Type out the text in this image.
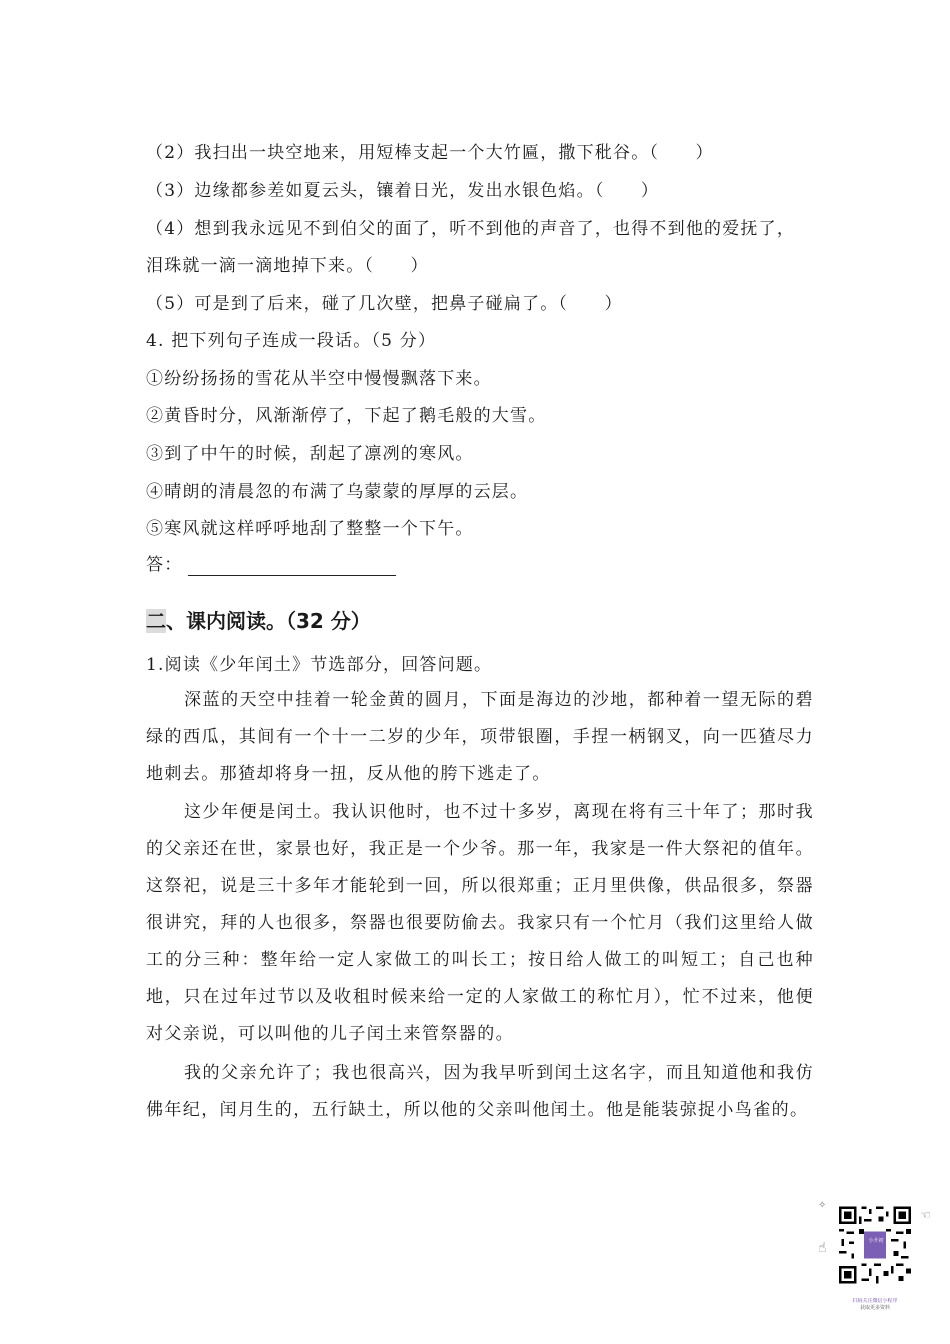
（2）我扫出一块空地来，用短棒支起一个大竹匾，撒下秕谷。（　　）
（3）边缘都参差如夏云头，镶着日光，发出水银色焰。（　　）
（4）想到我永远见不到伯父的面了，听不到他的声音了，也得不到他的爱抚了，
泪珠就一滴一滴地掉下来。（　　）
（5）可是到了后来，碰了几次壁，把鼻子碰扁了。（　　）
4. 把下列句子连成一段话。（5 分）
①纷纷扬扬的雪花从半空中慢慢飘落下来。
②黄昏时分，风渐渐停了，下起了鹅毛般的大雪。
③到了中午的时候，刮起了凛冽的寒风。
④晴朗的清晨忽的布满了乌蒙蒙的厚厚的云层。
⑤寒风就这样呼呼地刮了整整一个下午。
答：
二、课内阅读。（32 分）
1.阅读《少年闰土》节选部分，回答问题。
深蓝的天空中挂着一轮金黄的圆月，下面是海边的沙地，都种着一望无际的碧绿的西瓜，其间有一个十一二岁的少年，项带银圈，手捏一柄钢叉，向一匹猹尽力地刺去。那猹却将身一扭，反从他的胯下逃走了。
这少年便是闰土。我认识他时，也不过十多岁，离现在将有三十年了；那时我的父亲还在世，家景也好，我正是一个少爷。那一年，我家是一件大祭祀的值年。这祭祀，说是三十多年才能轮到一回，所以很郑重；正月里供像，供品很多，祭器很讲究，拜的人也很多，祭器也很要防偷去。我家只有一个忙月（我们这里给人做工的分三种：整年给一定人家做工的叫长工；按日给人做工的叫短工；自己也种地，只在过年过节以及收租时候来给一定的人家做工的称忙月），忙不过来，他便对父亲说，可以叫他的儿子闰土来管祭器的。
我的父亲允许了；我也很高兴，因为我早听到闰土这名字，而且知道他和我仿佛年纪，闰月生的，五行缺土，所以他的父亲叫他闰土。他是能装弶捉小鸟雀的。
☝
✧
☜
小升初
扫码关注微信小程序
获取更多资料
